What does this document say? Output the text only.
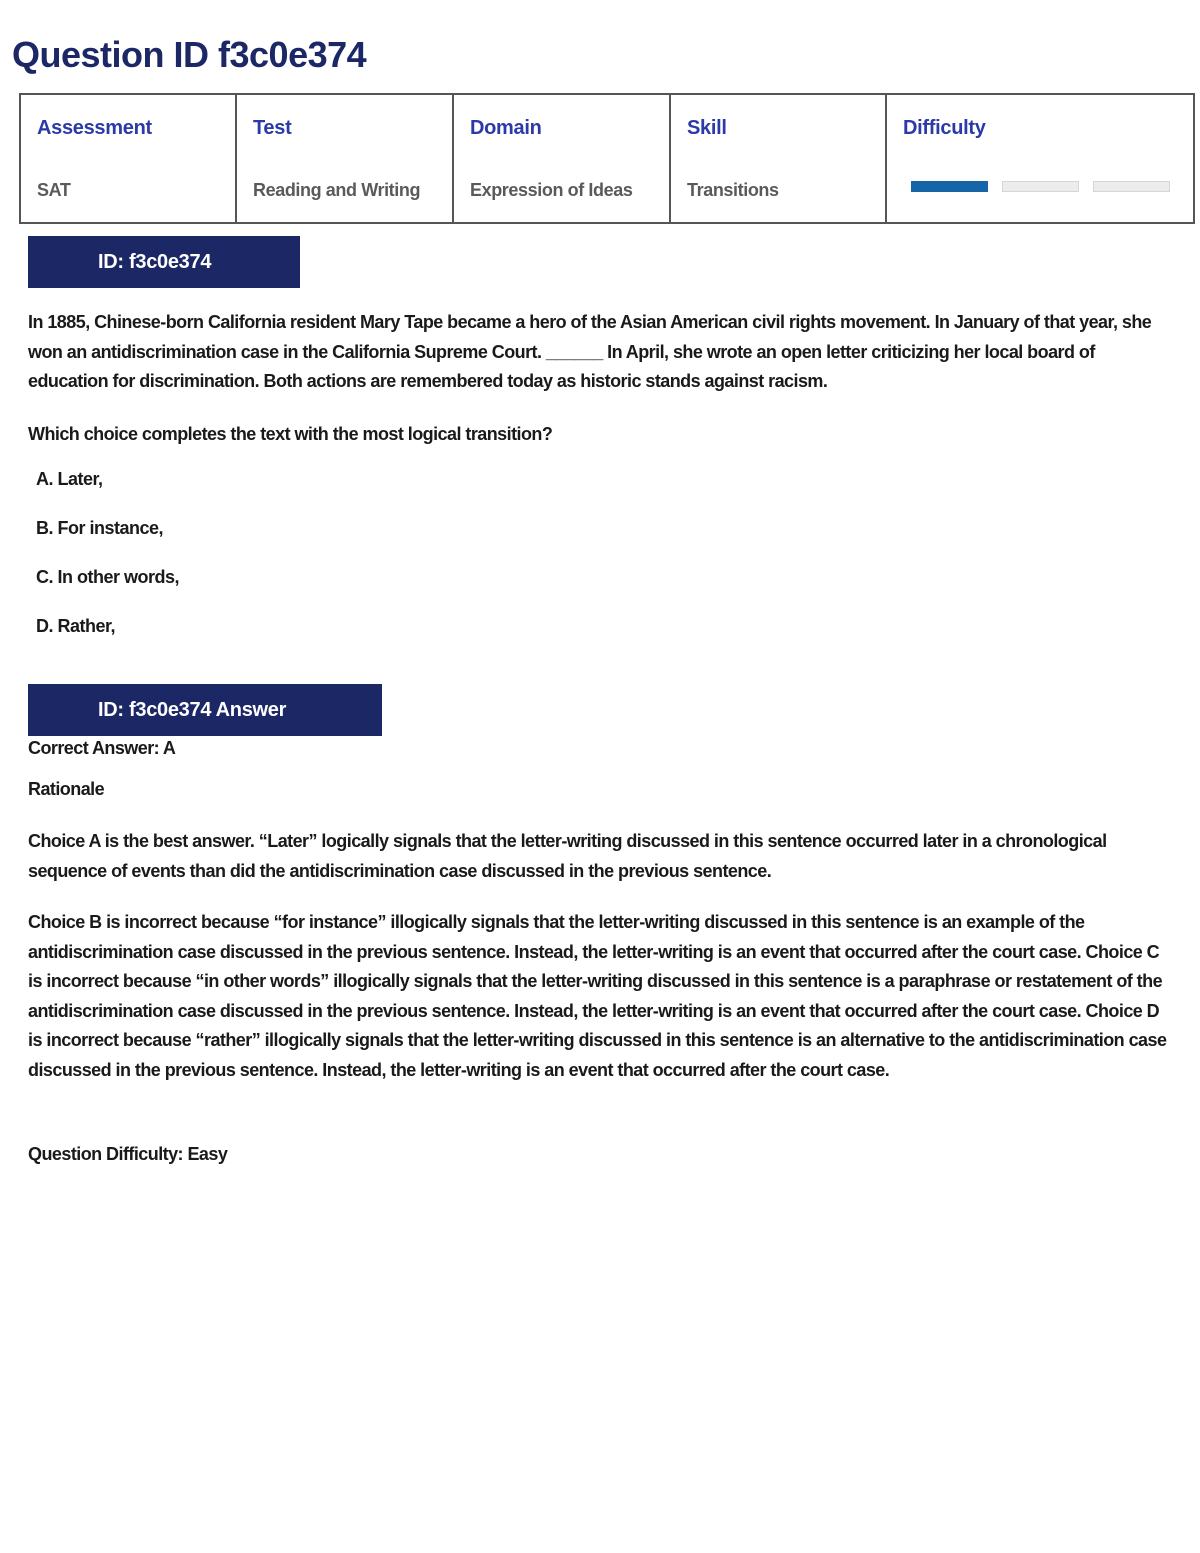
Question ID f3c0e374
Assessment
SAT
Test
Reading and Writing
Domain
Expression of Ideas
Skill
Transitions
Difficulty
ID: f3c0e374

In 1885, Chinese-born California resident Mary Tape became a hero of the Asian American civil rights movement. In January of that year, she won an antidiscrimination case in the California Supreme Court. ______ In April, she wrote an open letter criticizing her local board of education for discrimination. Both actions are remembered today as historic stands against racism.

Which choice completes the text with the most logical transition?

A. Later,
B. For instance,
C. In other words,
D. Rather,
ID: f3c0e374 Answer

Correct Answer: A

Rationale

Choice A is the best answer. “Later” logically signals that the letter-writing discussed in this sentence occurred later in a chronological sequence of events than did the antidiscrimination case discussed in the previous sentence.

Choice B is incorrect because “for instance” illogically signals that the letter-writing discussed in this sentence is an example of the antidiscrimination case discussed in the previous sentence. Instead, the letter-writing is an event that occurred after the court case. Choice C is incorrect because “in other words” illogically signals that the letter-writing discussed in this sentence is a paraphrase or restatement of the antidiscrimination case discussed in the previous sentence. Instead, the letter-writing is an event that occurred after the court case. Choice D is incorrect because “rather” illogically signals that the letter-writing discussed in this sentence is an alternative to the antidiscrimination case discussed in the previous sentence. Instead, the letter-writing is an event that occurred after the court case.

Question Difficulty: Easy
